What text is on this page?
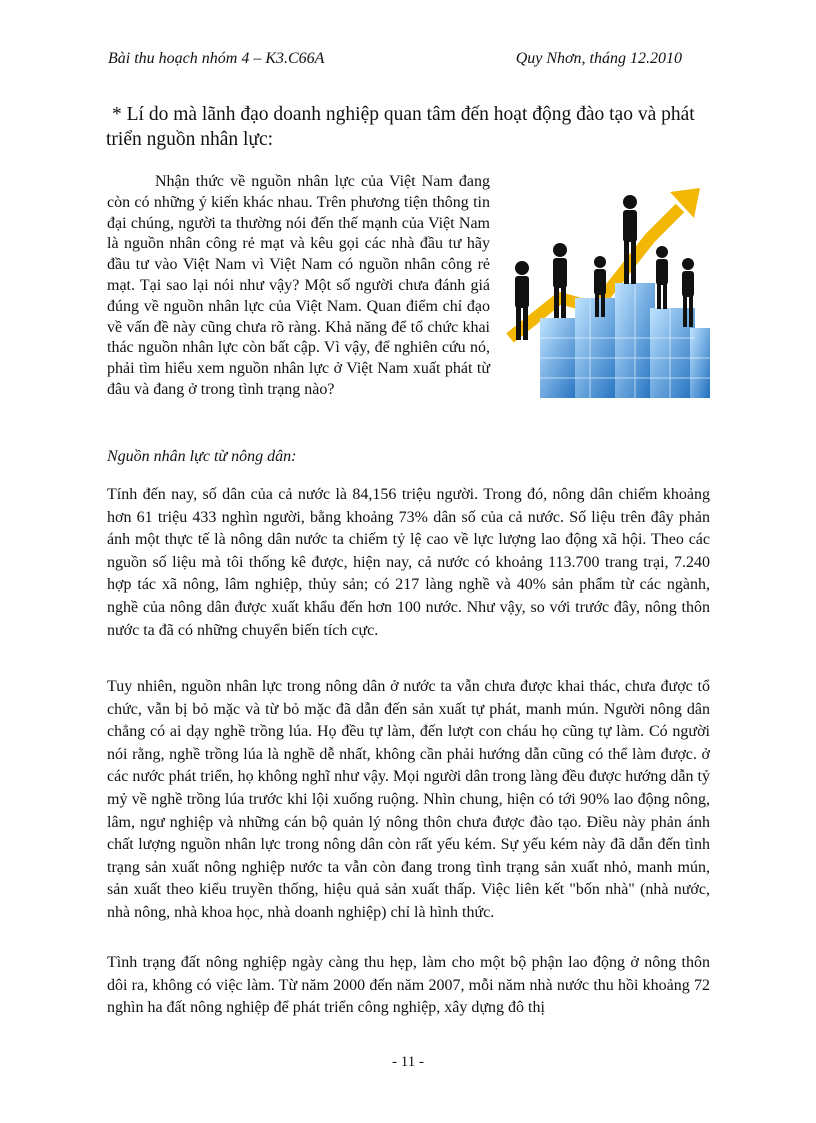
Bài thu hoạch nhóm 4 – K3.C66A	Quy Nhơn, tháng 12.2010
* Lí do mà lãnh đạo doanh nghiệp quan tâm đến hoạt động đào tạo và phát triển nguồn nhân lực:

Nhận thức về nguồn nhân lực của Việt Nam đang còn có những ý kiến khác nhau. Trên phương tiện thông tin đại chúng, người ta thường nói đến thế mạnh của Việt Nam là nguồn nhân công rẻ mạt và kêu gọi các nhà đầu tư hãy đầu tư vào Việt Nam vì Việt Nam có nguồn nhân công rẻ mạt. Tại sao lại nói như vậy? Một số người chưa đánh giá đúng về nguồn nhân lực của Việt Nam. Quan điểm chỉ đạo về vấn đề này cũng chưa rõ ràng. Khả năng để tổ chức khai thác nguồn nhân lực còn bất cập. Vì vậy, để nghiên cứu nó, phải tìm hiểu xem nguồn nhân lực ở Việt Nam xuất phát từ đâu và đang ở trong tình trạng nào?

Nguồn nhân lực từ nông dân:

Tính đến nay, số dân của cả nước là 84,156 triệu người. Trong đó, nông dân chiếm khoảng hơn 61 triệu 433 nghìn người, bằng khoảng 73% dân số của cả nước. Số liệu trên đây phản ánh một thực tế là nông dân nước ta chiếm tỷ lệ cao về lực lượng lao động xã hội. Theo các nguồn số liệu mà tôi thống kê được, hiện nay, cả nước có khoảng 113.700 trang trại, 7.240 hợp tác xã nông, lâm nghiệp, thủy sản; có 217 làng nghề và 40% sản phẩm từ các ngành, nghề của nông dân được xuất khẩu đến hơn 100 nước. Như vậy, so với trước đây, nông thôn nước ta đã có những chuyển biến tích cực.

Tuy nhiên, nguồn nhân lực trong nông dân ở nước ta vẫn chưa được khai thác, chưa được tổ chức, vẫn bị bỏ mặc và từ bỏ mặc đã dẫn đến sản xuất tự phát, manh mún. Người nông dân chẳng có ai dạy nghề trồng lúa. Họ đều tự làm, đến lượt con cháu họ cũng tự làm. Có người nói rằng, nghề trồng lúa là nghề dễ nhất, không cần phải hướng dẫn cũng có thể làm được. ở các nước phát triển, họ không nghĩ như vậy. Mọi người dân trong làng đều được hướng dẫn tỷ mỷ về nghề trồng lúa trước khi lội xuống ruộng. Nhìn chung, hiện có tới 90% lao động nông, lâm, ngư nghiệp và những cán bộ quản lý nông thôn chưa được đào tạo. Điều này phản ánh chất lượng nguồn nhân lực trong nông dân còn rất yếu kém. Sự yếu kém này đã dẫn đến tình trạng sản xuất nông nghiệp nước ta vẫn còn đang trong tình trạng sản xuất nhỏ, manh mún, sản xuất theo kiểu truyền thống, hiệu quả sản xuất thấp. Việc liên kết "bốn nhà" (nhà nước, nhà nông, nhà khoa học, nhà doanh nghiệp) chỉ là hình thức.

Tình trạng đất nông nghiệp ngày càng thu hẹp, làm cho một bộ phận lao động ở nông thôn dôi ra, không có việc làm. Từ năm 2000 đến năm 2007, mỗi năm nhà nước thu hồi khoảng 72 nghìn ha đất nông nghiệp để phát triển công nghiệp, xây dựng đô thị

- 11 -
